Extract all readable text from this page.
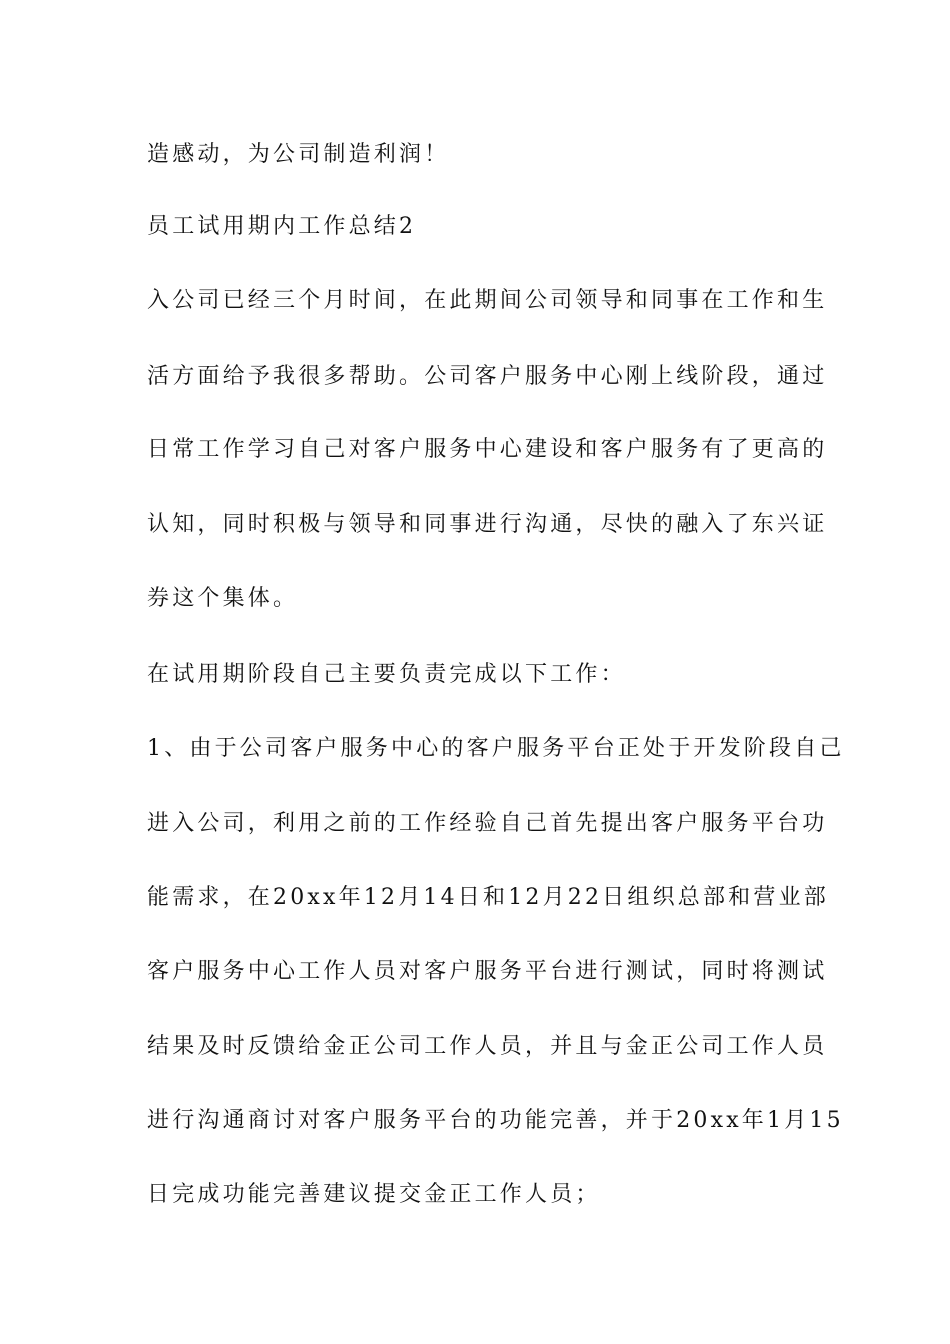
造感动，为公司制造利润！
员工试用期内工作总结2
入公司已经三个月时间，在此期间公司领导和同事在工作和生
活方面给予我很多帮助。公司客户服务中心刚上线阶段，通过
日常工作学习自己对客户服务中心建设和客户服务有了更高的
认知，同时积极与领导和同事进行沟通，尽快的融入了东兴证
券这个集体。
在试用期阶段自己主要负责完成以下工作：
1、由于公司客户服务中心的客户服务平台正处于开发阶段自己
进入公司，利用之前的工作经验自己首先提出客户服务平台功
能需求，在20xx年12月14日和12月22日组织总部和营业部
客户服务中心工作人员对客户服务平台进行测试，同时将测试
结果及时反馈给金正公司工作人员，并且与金正公司工作人员
进行沟通商讨对客户服务平台的功能完善，并于20xx年1月15
日完成功能完善建议提交金正工作人员；
